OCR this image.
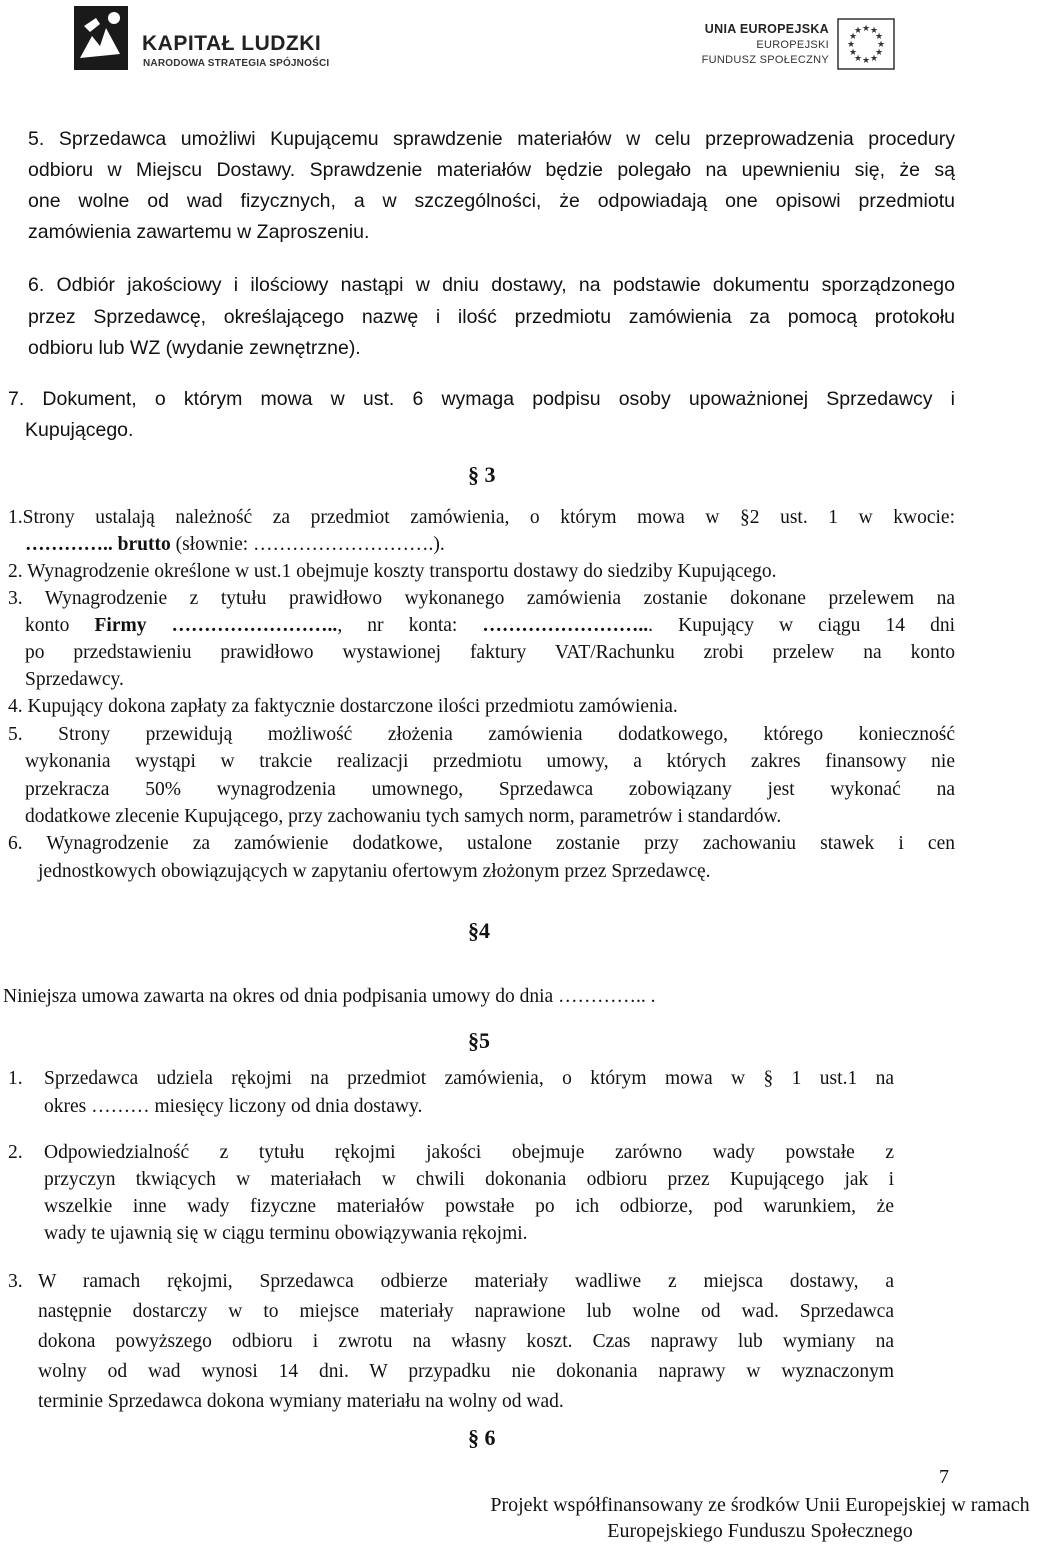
KAPITAŁ LUDZKI
NARODOWA STRATEGIA SPÓJNOŚCI
UNIA EUROPEJSKA
EUROPEJSKI
FUNDUSZ SPOŁECZNY
★ ★
★
★
★
★
★
★
★
★
★
★
5. Sprzedawca umożliwi Kupującemu sprawdzenie materiałów w celu przeprowadzenia procedury
odbioru w Miejscu Dostawy. Sprawdzenie materiałów będzie polegało na upewnieniu się, że są
one wolne od wad fizycznych, a w szczególności, że odpowiadają one opisowi przedmiotu
zamówienia zawartemu w Zaproszeniu.
6. Odbiór jakościowy i ilościowy nastąpi w dniu dostawy, na podstawie dokumentu sporządzonego
przez Sprzedawcę, określającego nazwę i ilość przedmiotu zamówienia za pomocą protokołu
odbioru lub WZ (wydanie zewnętrzne).
7. Dokument, o którym mowa w ust. 6 wymaga podpisu osoby upoważnionej Sprzedawcy i
Kupującego.
§ 3
1.Strony ustalają należność za przedmiot zamówienia, o którym mowa w §2 ust. 1 w kwocie:
………….. brutto (słownie: ……………………….).
2. Wynagrodzenie określone w ust.1 obejmuje koszty transportu dostawy do siedziby Kupującego.
3. Wynagrodzenie z tytułu prawidłowo wykonanego zamówienia zostanie dokonane przelewem na
konto Firmy …………………….., nr konta: ……………………... Kupujący w ciągu 14 dni
po przedstawieniu prawidłowo wystawionej faktury VAT/Rachunku zrobi przelew na konto
Sprzedawcy.
4. Kupujący dokona zapłaty za faktycznie dostarczone ilości przedmiotu zamówienia.
5. Strony przewidują możliwość złożenia zamówienia dodatkowego, którego konieczność
wykonania wystąpi w trakcie realizacji przedmiotu umowy, a których zakres finansowy nie
przekracza 50% wynagrodzenia umownego, Sprzedawca zobowiązany jest wykonać na
dodatkowe zlecenie Kupującego, przy zachowaniu tych samych norm, parametrów i standardów.
6. Wynagrodzenie za zamówienie dodatkowe, ustalone zostanie przy zachowaniu stawek i cen
jednostkowych obowiązujących w zapytaniu ofertowym złożonym przez Sprzedawcę.
§4
Niniejsza umowa zawarta na okres od dnia podpisania umowy do dnia ………….. .
§5
1. Sprzedawca udziela rękojmi na przedmiot zamówienia, o którym mowa w § 1 ust.1 na
okres ……… miesięcy liczony od dnia dostawy.
2. Odpowiedzialność z tytułu rękojmi jakości obejmuje zarówno wady powstałe z
przyczyn tkwiących w materiałach w chwili dokonania odbioru przez Kupującego jak i
wszelkie inne wady fizyczne materiałów powstałe po ich odbiorze, pod warunkiem, że
wady te ujawnią się w ciągu terminu obowiązywania rękojmi.
3. W ramach rękojmi, Sprzedawca odbierze materiały wadliwe z miejsca dostawy, a
następnie dostarczy w to miejsce materiały naprawione lub wolne od wad. Sprzedawca
dokona powyższego odbioru i zwrotu na własny koszt. Czas naprawy lub wymiany na
wolny od wad wynosi 14 dni. W przypadku nie dokonania naprawy w wyznaczonym
terminie Sprzedawca dokona wymiany materiału na wolny od wad.
§ 6
7
Projekt współfinansowany ze środków Unii Europejskiej w ramach
Europejskiego Funduszu Społecznego
